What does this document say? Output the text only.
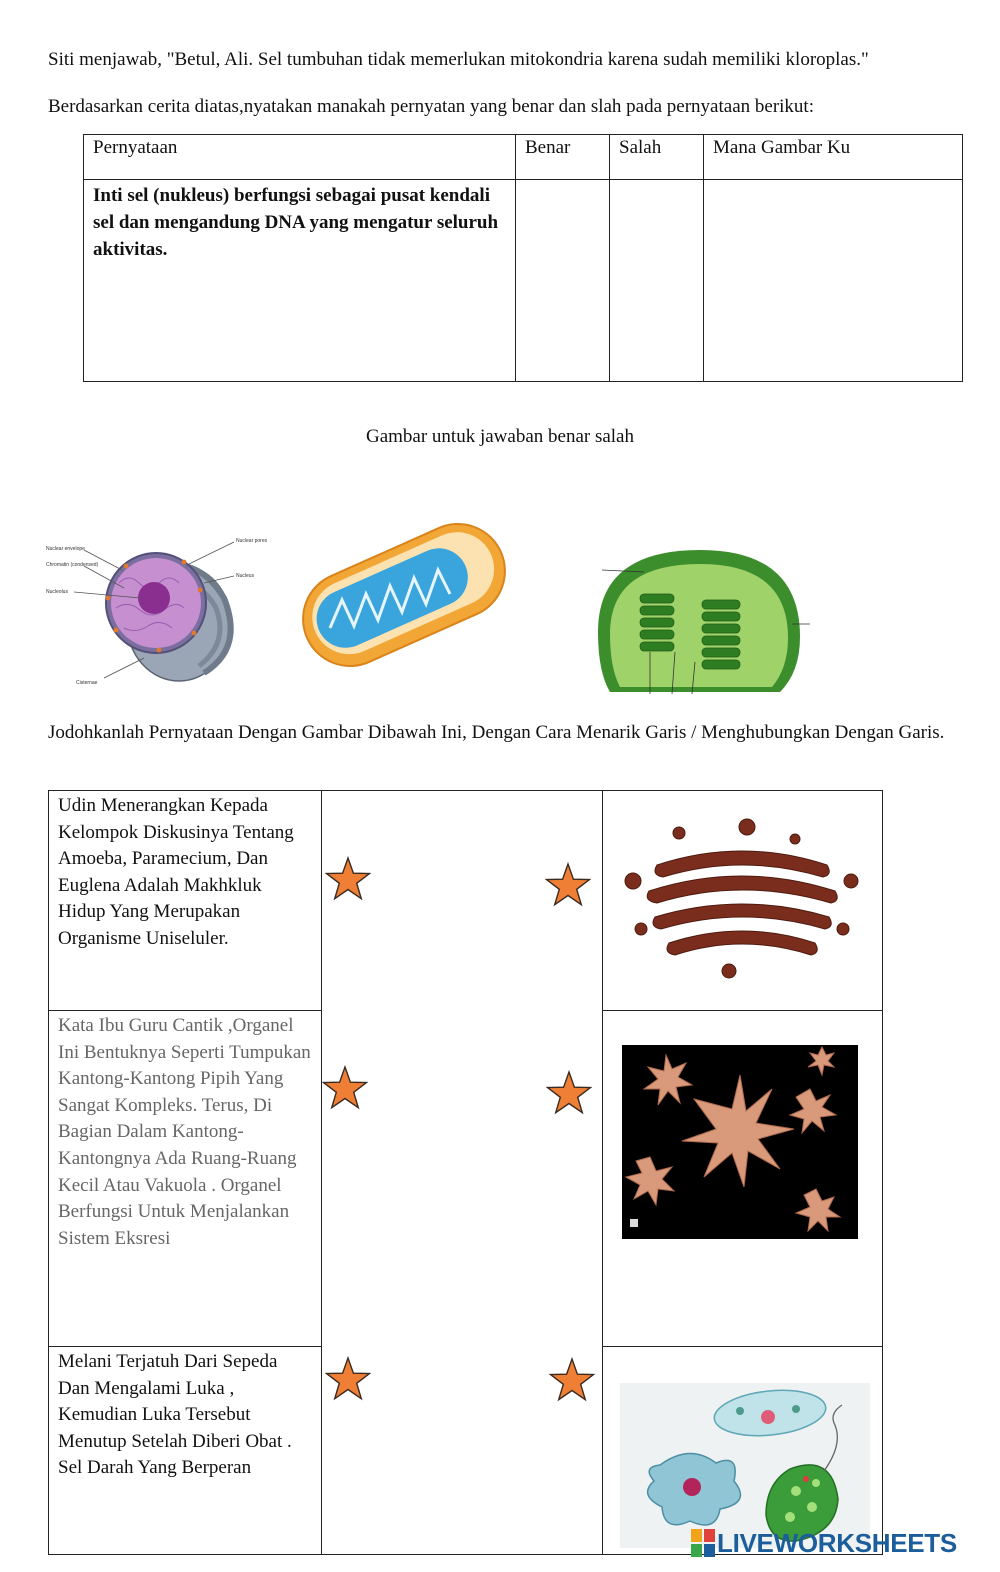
Siti menjawab, "Betul, Ali. Sel tumbuhan tidak memerlukan mitokondria karena sudah memiliki kloroplas."
Berdasarkan cerita diatas,nyatakan manakah pernyatan yang benar dan slah pada pernyataan berikut:
Pernyataan	Benar	Salah	Mana Gambar Ku
Inti sel (nukleus) berfungsi sebagai pusat kendali sel dan mengandung DNA yang mengatur seluruh aktivitas.			
Gambar untuk jawaban benar salah
Nuclear envelope
Chromatin (condensed)
Nucleolus
Cisternae
Nuclear pores
Nucleus
Jodohkanlah Pernyataan Dengan Gambar Dibawah Ini, Dengan Cara Menarik Garis / Menghubungkan Dengan Garis.
Udin Menerangkan Kepada Kelompok Diskusinya Tentang Amoeba, Paramecium, Dan Euglena Adalah Makhkluk Hidup Yang Merupakan Organisme Uniseluler.

Kata Ibu Guru Cantik ,Organel Ini Bentuknya Seperti Tumpukan Kantong-Kantong Pipih Yang Sangat Kompleks. Terus, Di Bagian Dalam Kantong-Kantongnya Ada Ruang-Ruang Kecil Atau Vakuola . Organel Berfungsi Untuk Menjalankan Sistem Eksresi

Melani Terjatuh Dari Sepeda Dan Mengalami Luka , Kemudian Luka Tersebut Menutup Setelah Diberi Obat . Sel Darah Yang Berperan

LIVEWORKSHEETS
